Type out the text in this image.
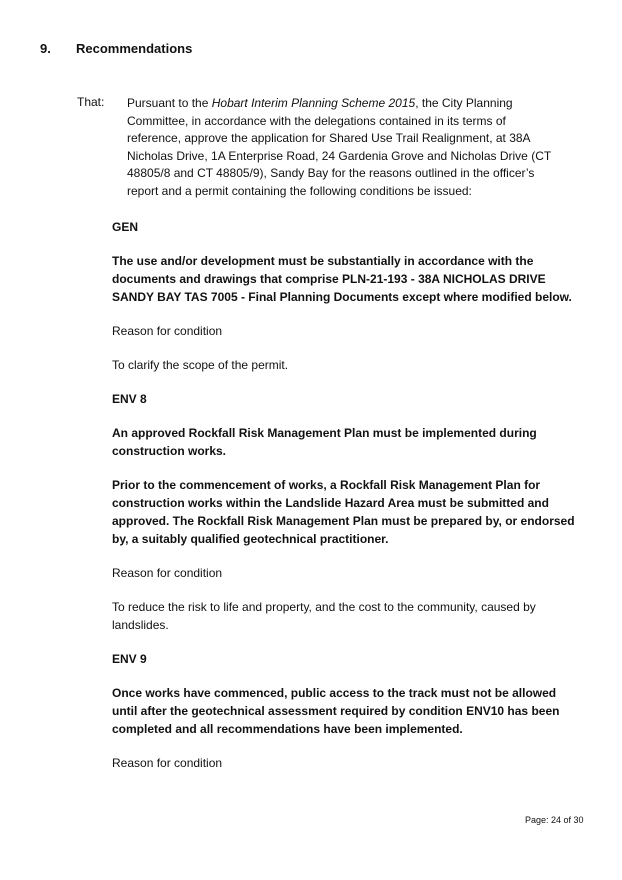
9. Recommendations
That: Pursuant to the Hobart Interim Planning Scheme 2015, the City Planning Committee, in accordance with the delegations contained in its terms of reference, approve the application for Shared Use Trail Realignment, at 38A Nicholas Drive, 1A Enterprise Road, 24 Gardenia Grove and Nicholas Drive (CT 48805/8 and CT 48805/9), Sandy Bay for the reasons outlined in the officer’s report and a permit containing the following conditions be issued:

GEN

The use and/or development must be substantially in accordance with the documents and drawings that comprise PLN-21-193 - 38A NICHOLAS DRIVE SANDY BAY TAS 7005 - Final Planning Documents except where modified below.

Reason for condition

To clarify the scope of the permit.

ENV 8

An approved Rockfall Risk Management Plan must be implemented during construction works.

Prior to the commencement of works, a Rockfall Risk Management Plan for construction works within the Landslide Hazard Area must be submitted and approved. The Rockfall Risk Management Plan must be prepared by, or endorsed by, a suitably qualified geotechnical practitioner.

Reason for condition

To reduce the risk to life and property, and the cost to the community, caused by landslides.

ENV 9

Once works have commenced, public access to the track must not be allowed until after the geotechnical assessment required by condition ENV10 has been completed and all recommendations have been implemented.

Reason for condition

Page: 24 of 30
